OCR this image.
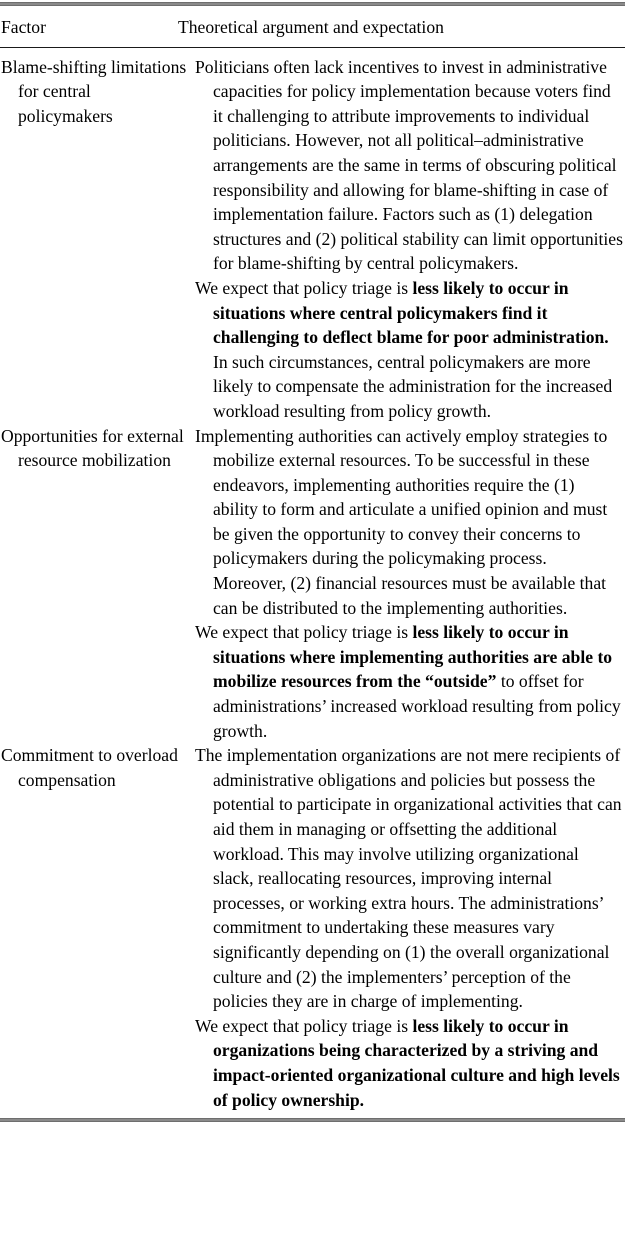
Factor	Theoretical argument and expectation
Blame-shifting limitations for central policymakers

Politicians often lack incentives to invest in administrative capacities for policy implementation because voters find it challenging to attribute improvements to individual politicians. However, not all political–administrative arrangements are the same in terms of obscuring political responsibility and allowing for blame-shifting in case of implementation failure. Factors such as (1) delegation structures and (2) political stability can limit opportunities for blame-shifting by central policymakers.

We expect that policy triage is less likely to occur in situations where central policymakers find it challenging to deflect blame for poor administration. In such circumstances, central policymakers are more likely to compensate the administration for the increased workload resulting from policy growth.

Opportunities for external resource mobilization

Implementing authorities can actively employ strategies to mobilize external resources. To be successful in these endeavors, implementing authorities require the (1) ability to form and articulate a unified opinion and must be given the opportunity to convey their concerns to policymakers during the policymaking process. Moreover, (2) financial resources must be available that can be distributed to the implementing authorities.

We expect that policy triage is less likely to occur in situations where implementing authorities are able to mobilize resources from the “outside” to offset for administrations’ increased workload resulting from policy growth.

Commitment to overload compensation

The implementation organizations are not mere recipients of administrative obligations and policies but possess the potential to participate in organizational activities that can aid them in managing or offsetting the additional workload. This may involve utilizing organizational slack, reallocating resources, improving internal processes, or working extra hours. The administrations’ commitment to undertaking these measures vary significantly depending on (1) the overall organizational culture and (2) the implementers’ perception of the policies they are in charge of implementing.

We expect that policy triage is less likely to occur in organizations being characterized by a striving and impact-oriented organizational culture and high levels of policy ownership.
